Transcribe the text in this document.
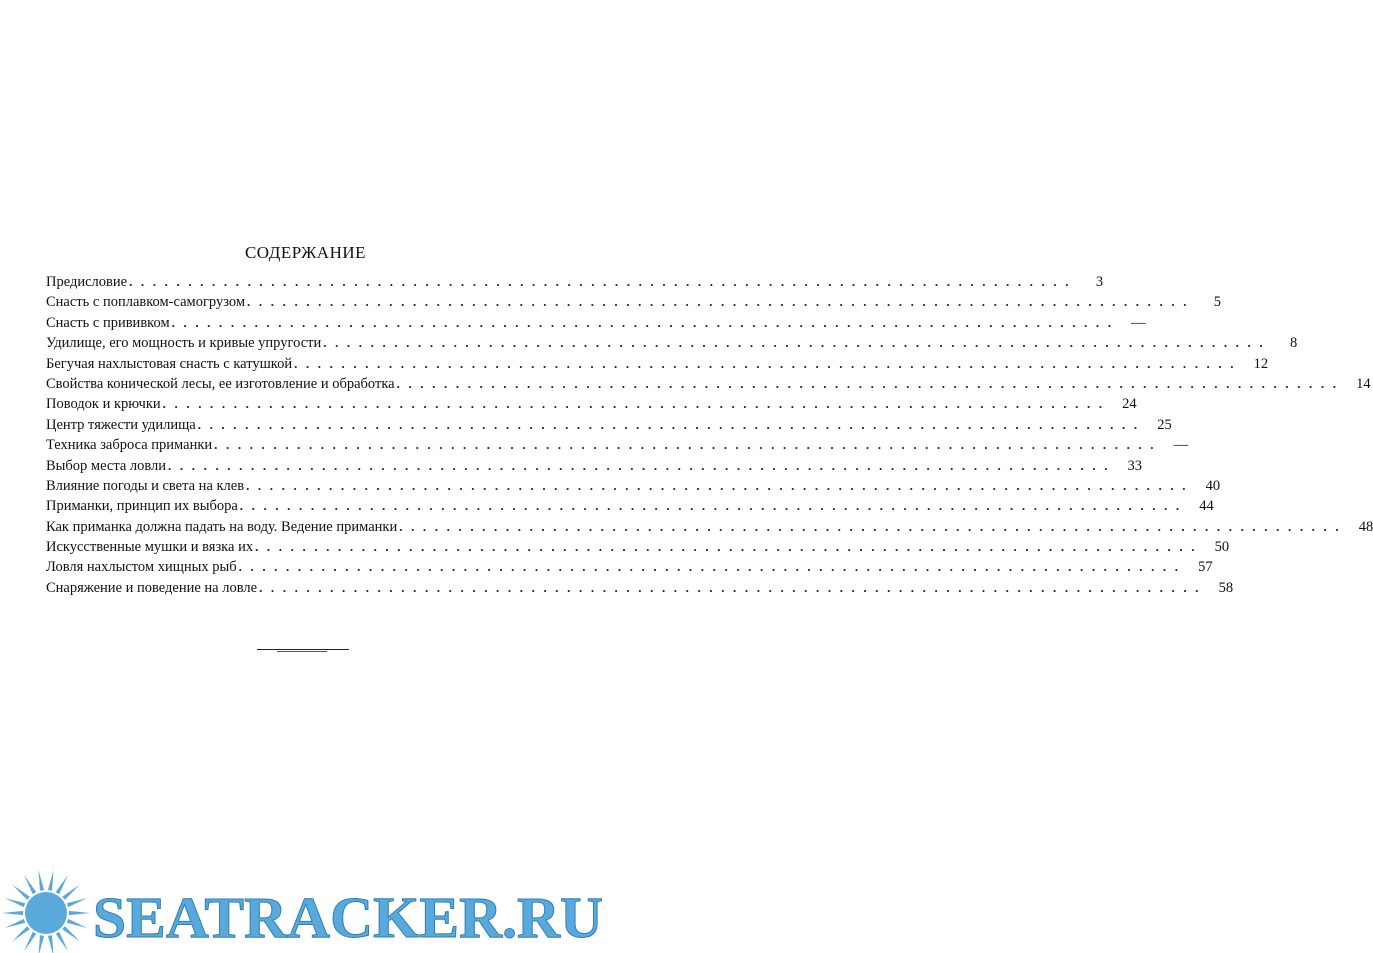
СОДЕРЖАНИЕ
Предисловие ................................................................................	3
Снасть с поплавком-самогрузом ................................................................................	5
Снасть с прививком ................................................................................ —
Удилище, его мощность и кривые упругости ................................................................................	8
Бегучая нахлыстовая снасть с катушкой ................................................................................ 12
Свойства конической лесы, ее изготовление и обработка ................................................................................ 14
Поводок и крючки ................................................................................ 24
Центр тяжести удилища ................................................................................ 25
Техника заброса приманки ................................................................................ —
Выбор места ловли ................................................................................ 33
Влияние погоды и света на клев ................................................................................ 40
Приманки, принцип их выбора ................................................................................ 44
Как приманка должна падать на воду. Ведение приманки ................................................................................ 48
Искусственные мушки и вязка их ................................................................................ 50
Ловля нахлыстом хищных рыб ................................................................................ 57
Снаряжение и поведение на ловле ................................................................................ 58
SEATRACKER.RU
